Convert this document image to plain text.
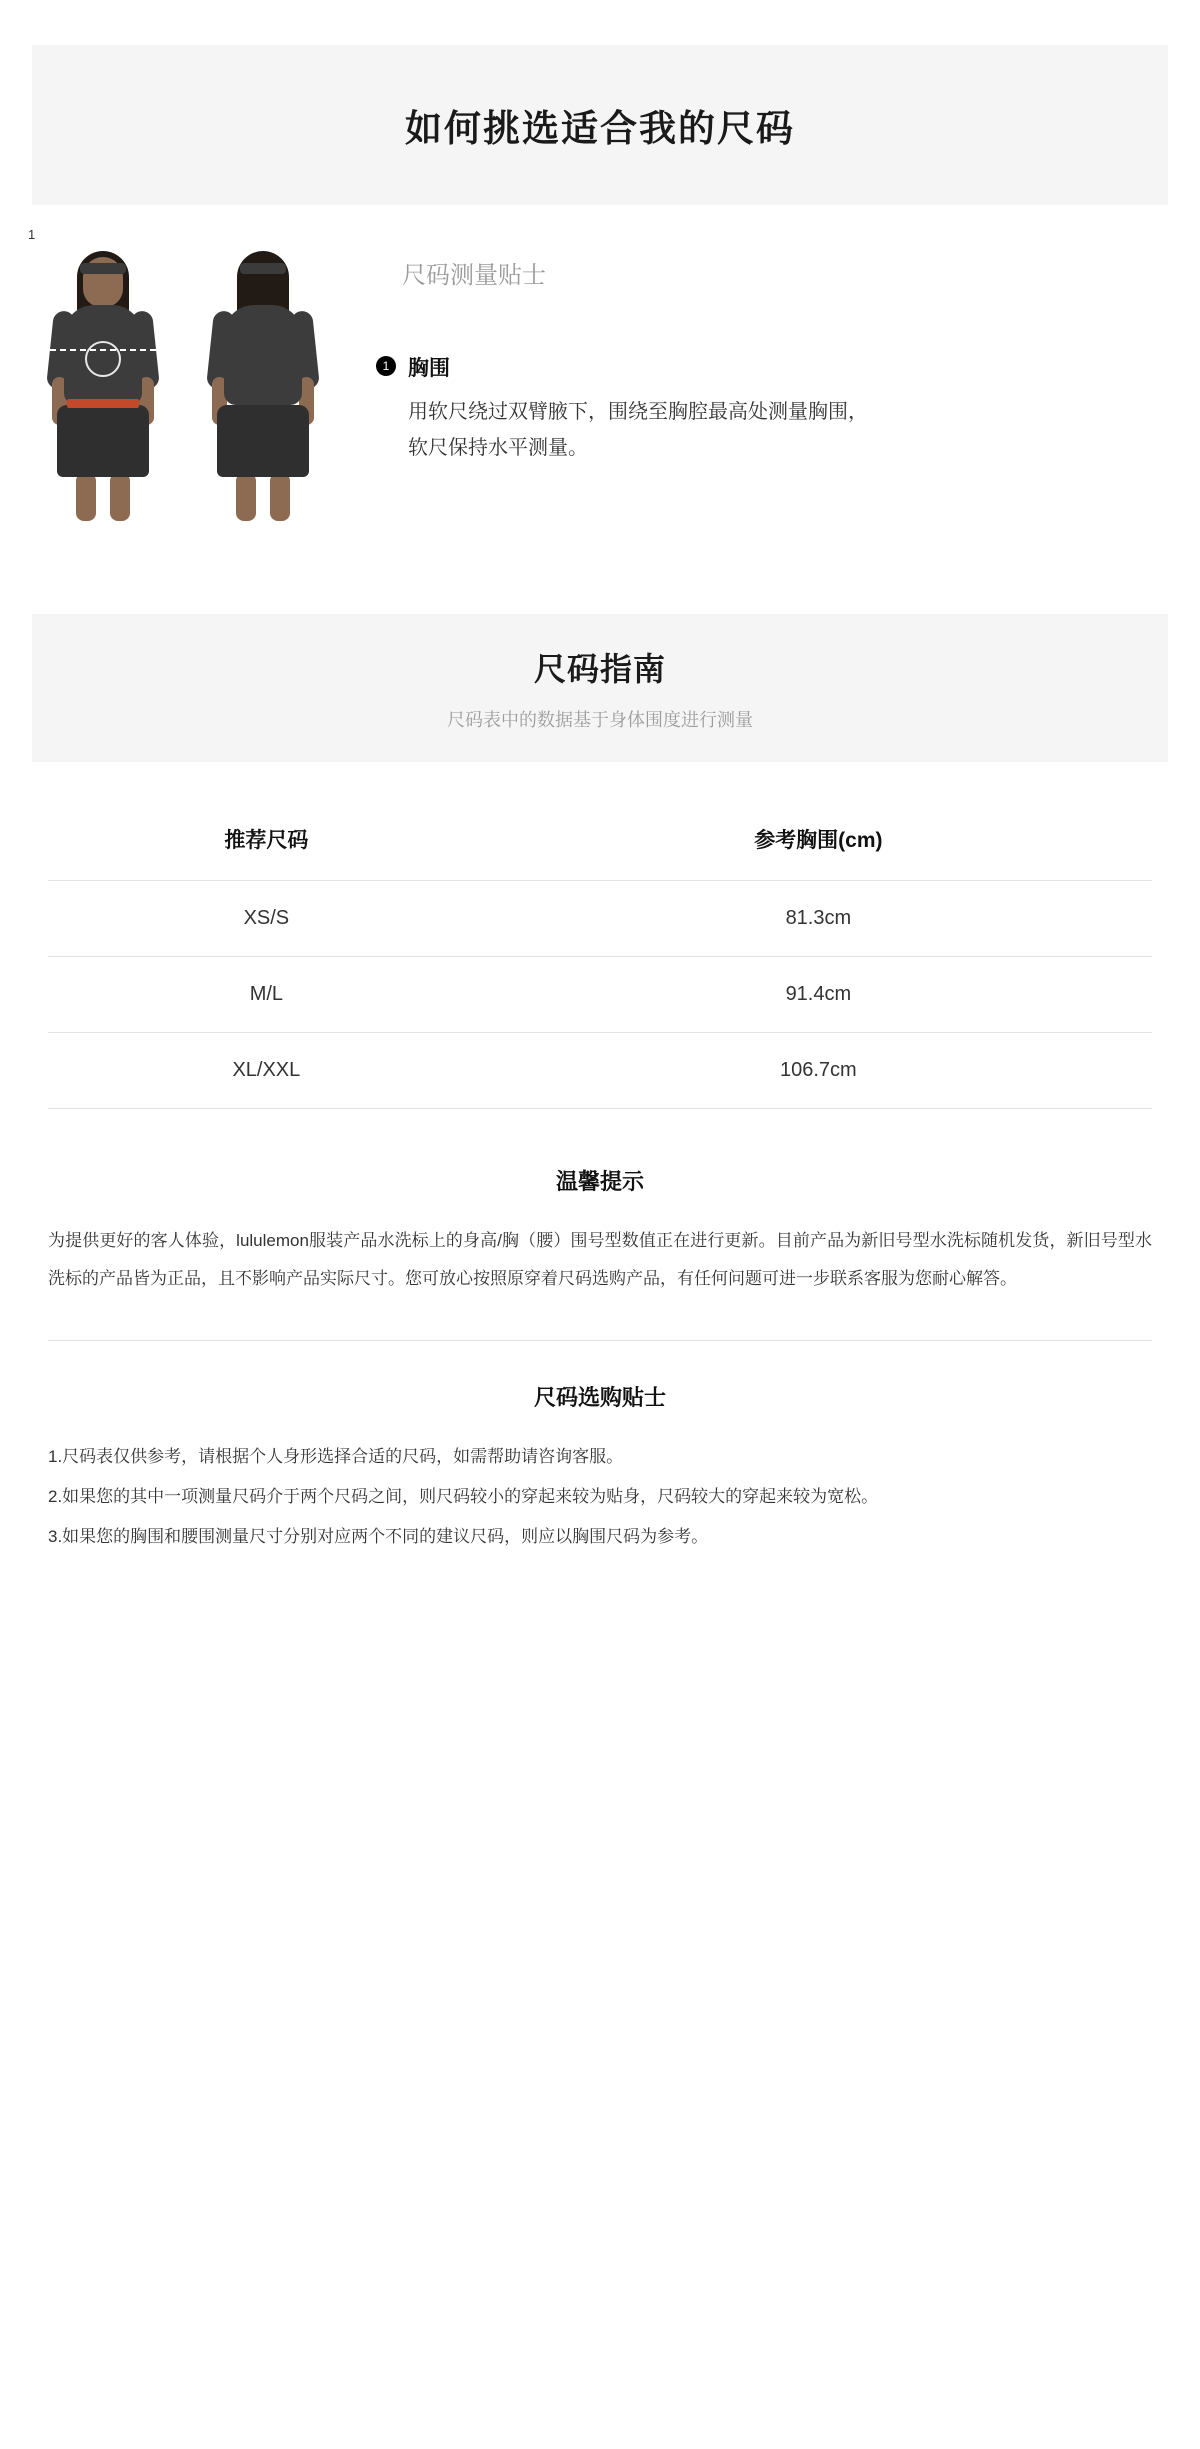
如何挑选适合我的尺码
1
尺码测量贴士
1 胸围
用软尺绕过双臂腋下，围绕至胸腔最高处测量胸围，软尺保持水平测量。
尺码指南
尺码表中的数据基于身体围度进行测量
推荐尺码	参考胸围(cm)
XS/S	81.3cm
M/L	91.4cm
XL/XXL	106.7cm
温馨提示
为提供更好的客人体验，lululemon服装产品水洗标上的身高/胸（腰）围号型数值正在进行更新。目前产品为新旧号型水洗标随机发货，新旧号型水洗标的产品皆为正品，且不影响产品实际尺寸。您可放心按照原穿着尺码选购产品，有任何问题可进一步联系客服为您耐心解答。
尺码选购贴士
1.尺码表仅供参考，请根据个人身形选择合适的尺码，如需帮助请咨询客服。
2.如果您的其中一项测量尺码介于两个尺码之间，则尺码较小的穿起来较为贴身，尺码较大的穿起来较为宽松。
3.如果您的胸围和腰围测量尺寸分别对应两个不同的建议尺码，则应以胸围尺码为参考。
